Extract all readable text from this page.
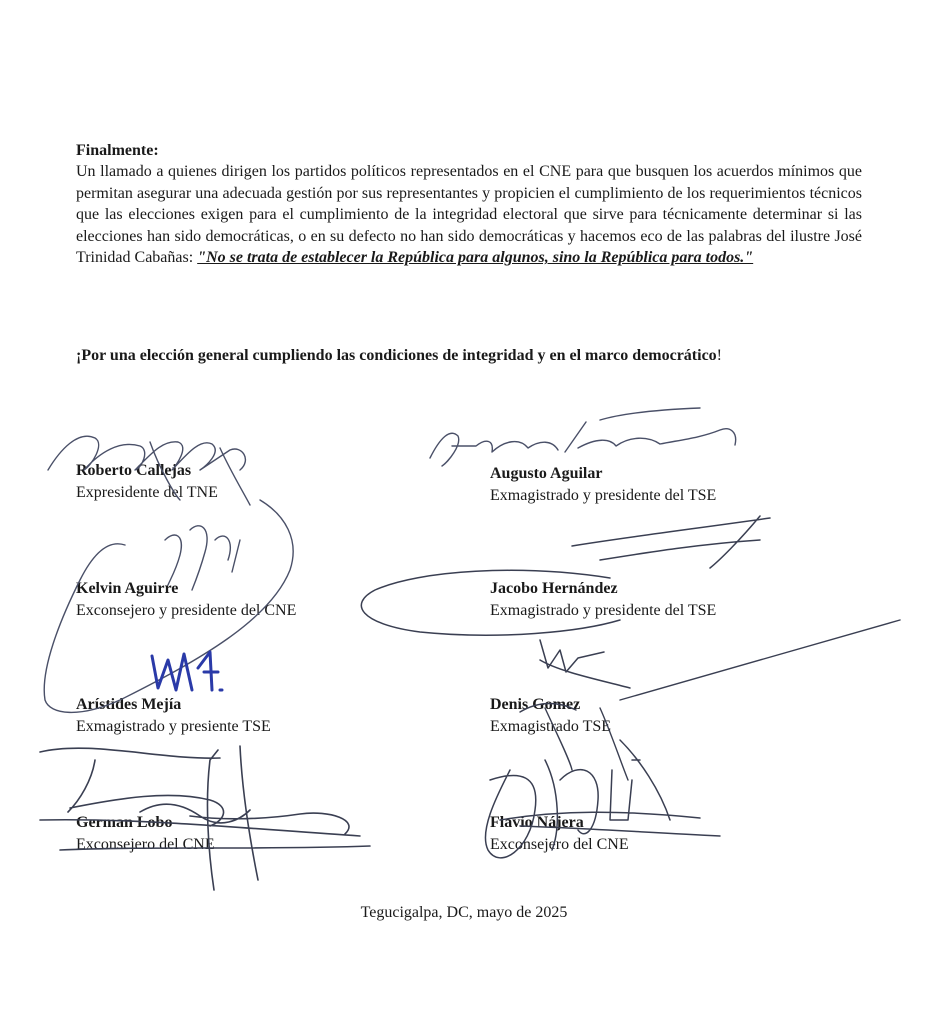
Finalmente:

Un llamado a quienes dirigen los partidos políticos representados en el CNE para que busquen los acuerdos mínimos que permitan asegurar una adecuada gestión por sus representantes y propicien el cumplimiento de los requerimientos técnicos que las elecciones exigen para el cumplimiento de la integridad electoral que sirve para técnicamente determinar si las elecciones han sido democráticas, o en su defecto no han sido democráticas y hacemos eco de las palabras del ilustre José Trinidad Cabañas: "No se trata de establecer la República para algunos, sino la República para todos."

¡Por una elección general cumpliendo las condiciones de integridad y en el marco democrático!

Roberto Callejas
Expresidente del TNE
Kelvin Aguirre
Exconsejero y presidente del CNE
Arístides Mejía
Exmagistrado y presiente TSE
German Lobo
Exconsejero del CNE
Augusto Aguilar
Exmagistrado y presidente del TSE
Jacobo Hernández
Exmagistrado y presidente del TSE
Denis Gomez
Exmagistrado TSE
Flavio Nájera
Exconsejero del CNE
Tegucigalpa, DC, mayo de 2025
